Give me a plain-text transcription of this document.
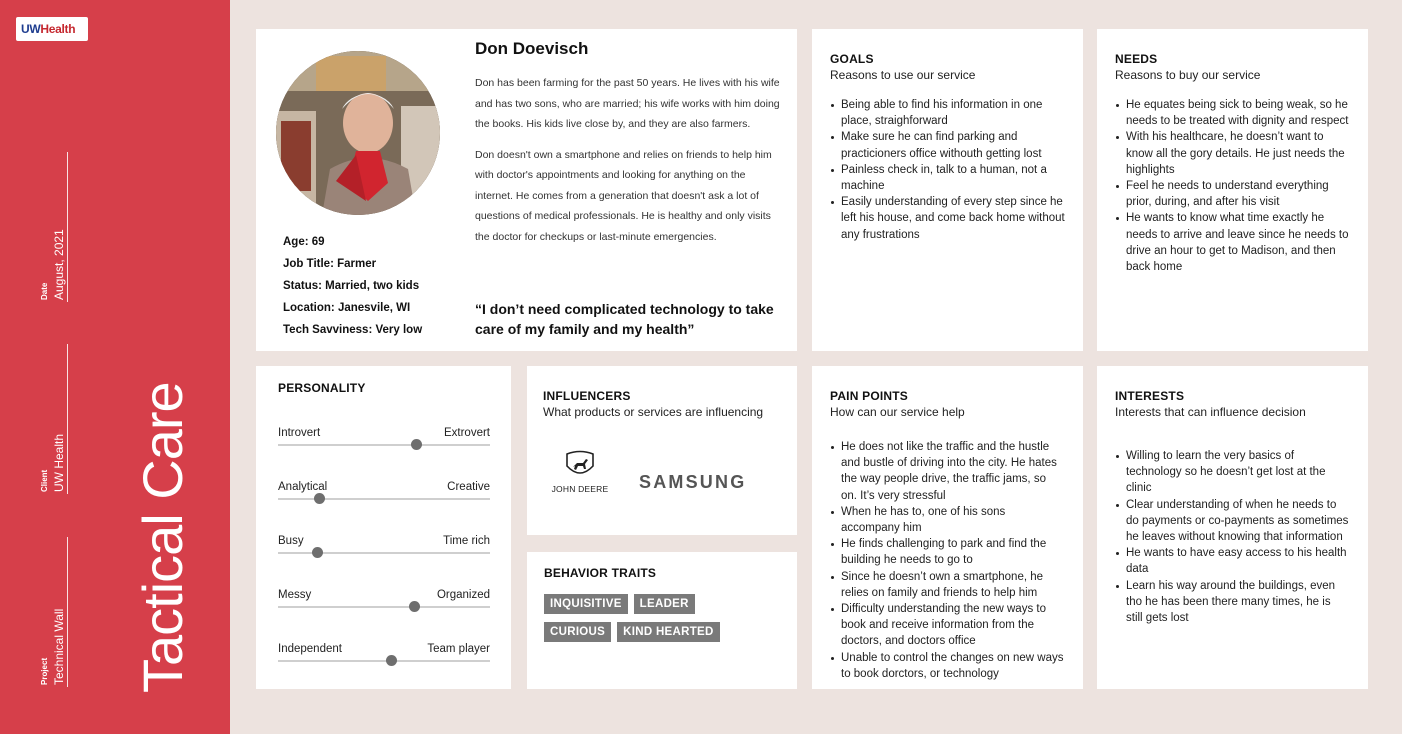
UWHealth
Date August, 2021
Client UW Health
Project Technical Wall Tactical Care
Don Doevisch

Don has been farming for the past 50 years. He lives with his wife and has two sons, who are married; his wife works with him doing the books. His kids live close by, and they are also farmers.

Don doesn't own a smartphone and relies on friends to help him with doctor's appointments and looking for anything on the internet. He comes from a generation that doesn't ask a lot of questions of medical professionals. He is healthy and only visits the doctor for checkups or last-minute emergencies.

“I don’t need complicated technology to take care of my family and my health”
Age: 69
Job Title: Farmer
Status: Married, two kids
Location: Janesvile, WI
Tech Savviness: Very low
GOALS
Reasons to use our service
Being able to find his information in one place, straighforward
Make sure he can find parking and practicioners office withouth getting lost
Painless check in, talk to a human, not a machine
Easily understanding of every step since he left his house, and come back home without any frustrations
NEEDS
Reasons to buy our service
He equates being sick to being weak, so he needs to be treated with dignity and respect
With his healthcare, he doesn’t want to know all the gory details. He just needs the highlights
Feel he needs to understand everything prior, during, and after his visit
He wants to know what time exactly he needs to arrive and leave since he needs to drive an hour to get to Madison, and then back home
PERSONALITY
Introvert	Extrovert
Analytical	Creative
Busy	Time rich
Messy	Organized
Independent	Team player
INFLUENCERS
What products or services are influencing
JOHN DEERE SAMSUNG
BEHAVIOR TRAITS
INQUISITIVE LEADER
CURIOUS KIND HEARTED
PAIN POINTS
How can our service help
He does not like the traffic and the hustle and bustle of driving into the city. He hates the way people drive, the traffic jams, so on. It’s very stressful
When he has to, one of his sons accompany him
He finds challenging to park and find the building he needs to go to
Since he doesn’t own a smartphone, he relies on family and friends to help him
Difficulty understanding the new ways to book and receive information from the doctors, and doctors office
Unable to control the changes on new ways to book dorctors, or technology
INTERESTS
Interests that can influence decision
Willing to learn the very basics of technology so he doesn’t get lost at the clinic
Clear understanding of when he needs to do payments or co-payments as sometimes he leaves without knowing that information
He wants to have easy access to his health data
Learn his way around the buildings, even tho he has been there many times, he is still gets lost
